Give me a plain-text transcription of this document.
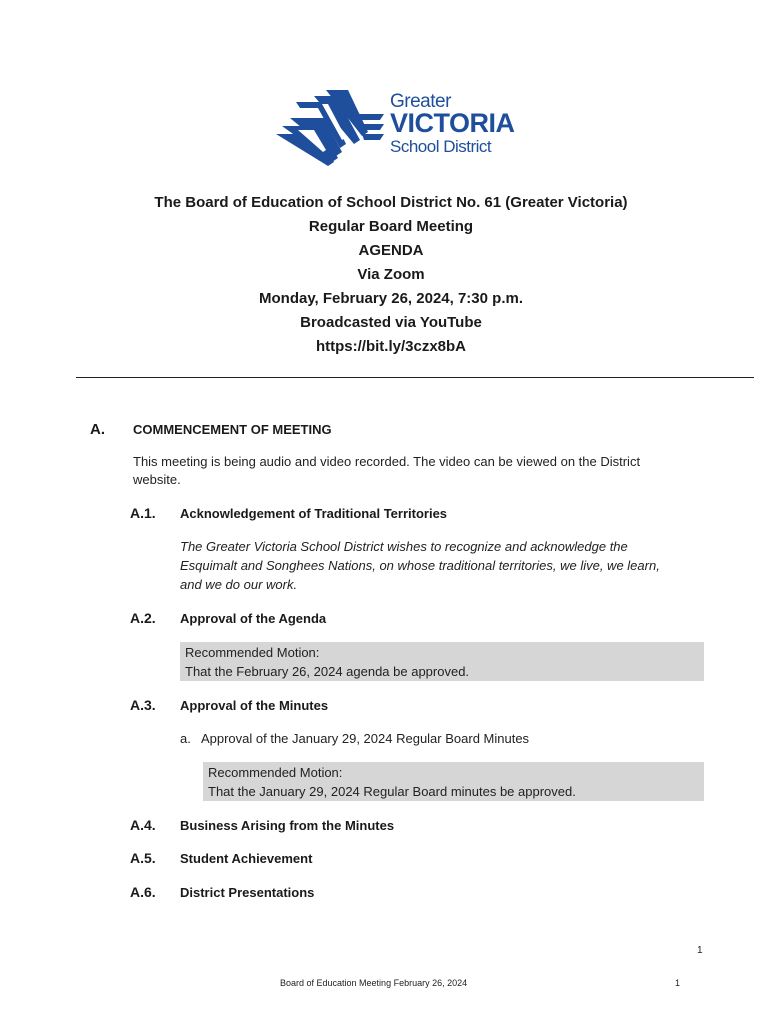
Greater
VICTORIA
School District

The Board of Education of School District No. 61 (Greater Victoria)

Regular Board Meeting

AGENDA

Via Zoom

Monday, February 26, 2024, 7:30 p.m.

Broadcasted via YouTube

https://bit.ly/3czx8bA

A. COMMENCEMENT OF MEETING
This meeting is being audio and video recorded. The video can be viewed on the District
website.
A.1. Acknowledgement of Traditional Territories
The Greater Victoria School District wishes to recognize and acknowledge the
Esquimalt and Songhees Nations, on whose traditional territories, we live, we learn,
and we do our work.
A.2. Approval of the Agenda
Recommended Motion:
That the February 26, 2024 agenda be approved.
A.3. Approval of the Minutes
a.   Approval of the January 29, 2024 Regular Board Minutes
Recommended Motion:
That the January 29, 2024 Regular Board minutes be approved.
A.4. Business Arising from the Minutes
A.5. Student Achievement
A.6. District Presentations
1
Board of Education Meeting February 26, 2024	1
